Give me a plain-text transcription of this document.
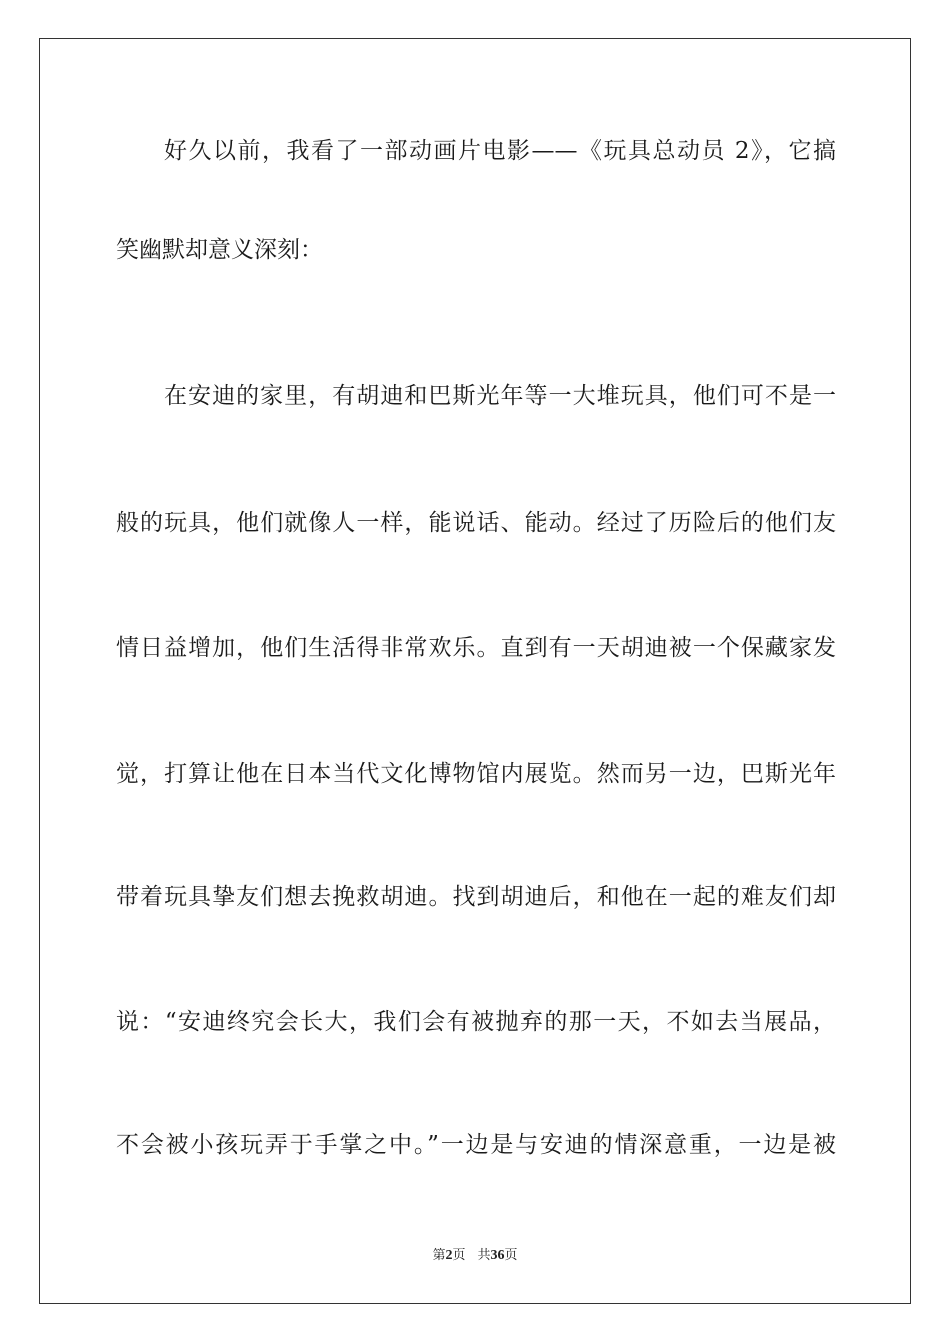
好久以前，我看了一部动画片电影——《玩具总动员 2》，它搞
笑幽默却意义深刻：
在安迪的家里，有胡迪和巴斯光年等一大堆玩具，他们可不是一
般的玩具，他们就像人一样，能说话、能动。经过了历险后的他们友
情日益增加，他们生活得非常欢乐。直到有一天胡迪被一个保藏家发
觉，打算让他在日本当代文化博物馆内展览。然而另一边，巴斯光年
带着玩具挚友们想去挽救胡迪。找到胡迪后，和他在一起的难友们却
说：“安迪终究会长大，我们会有被抛弃的那一天，不如去当展品，
不会被小孩玩弄于手掌之中。”一边是与安迪的情深意重，一边是被
第2页 共36页
